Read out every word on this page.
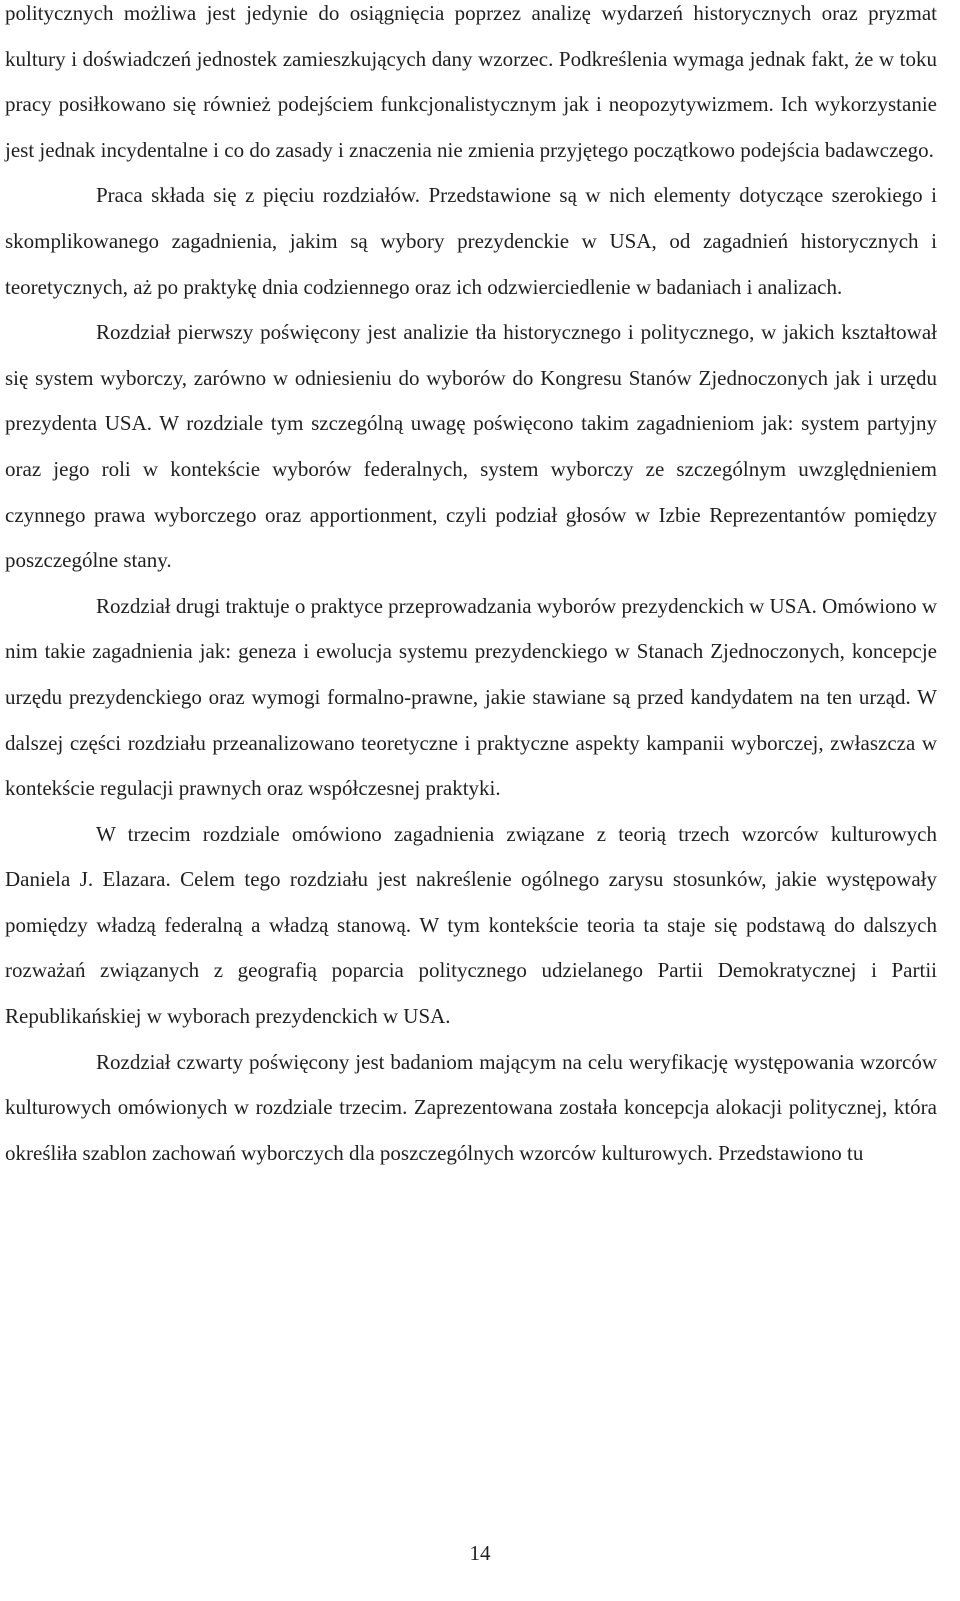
politycznych możliwa jest jedynie do osiągnięcia poprzez analizę wydarzeń historycznych oraz pryzmat kultury i doświadczeń jednostek zamieszkujących dany wzorzec. Podkreślenia wymaga jednak fakt, że w toku pracy posiłkowano się również podejściem funkcjonalistycznym jak i neopozytywizmem. Ich wykorzystanie jest jednak incydentalne i co do zasady i znaczenia nie zmienia przyjętego początkowo podejścia badawczego.

Praca składa się z pięciu rozdziałów. Przedstawione są w nich elementy dotyczące szerokiego i skomplikowanego zagadnienia, jakim są wybory prezydenckie w USA, od zagadnień historycznych i teoretycznych, aż po praktykę dnia codziennego oraz ich odzwierciedlenie w badaniach i analizach.

Rozdział pierwszy poświęcony jest analizie tła historycznego i politycznego, w jakich kształtował się system wyborczy, zarówno w odniesieniu do wyborów do Kongresu Stanów Zjednoczonych jak i urzędu prezydenta USA. W rozdziale tym szczególną uwagę poświęcono takim zagadnieniom jak: system partyjny oraz jego roli w kontekście wyborów federalnych, system wyborczy ze szczególnym uwzględnieniem czynnego prawa wyborczego oraz apportionment, czyli podział głosów w Izbie Reprezentantów pomiędzy poszczególne stany.

Rozdział drugi traktuje o praktyce przeprowadzania wyborów prezydenckich w USA. Omówiono w nim takie zagadnienia jak: geneza i ewolucja systemu prezydenckiego w Stanach Zjednoczonych, koncepcje urzędu prezydenckiego oraz wymogi formalno-prawne, jakie stawiane są przed kandydatem na ten urząd. W dalszej części rozdziału przeanalizowano teoretyczne i praktyczne aspekty kampanii wyborczej, zwłaszcza w kontekście regulacji prawnych oraz współczesnej praktyki.

W trzecim rozdziale omówiono zagadnienia związane z teorią trzech wzorców kulturowych Daniela J. Elazara. Celem tego rozdziału jest nakreślenie ogólnego zarysu stosunków, jakie występowały pomiędzy władzą federalną a władzą stanową. W tym kontekście teoria ta staje się podstawą do dalszych rozważań związanych z geografią poparcia politycznego udzielanego Partii Demokratycznej i Partii Republikańskiej w wyborach prezydenckich w USA.

Rozdział czwarty poświęcony jest badaniom mającym na celu weryfikację występowania wzorców kulturowych omówionych w rozdziale trzecim. Zaprezentowana została koncepcja alokacji politycznej, która określiła szablon zachowań wyborczych dla poszczególnych wzorców kulturowych. Przedstawiono tu

14
